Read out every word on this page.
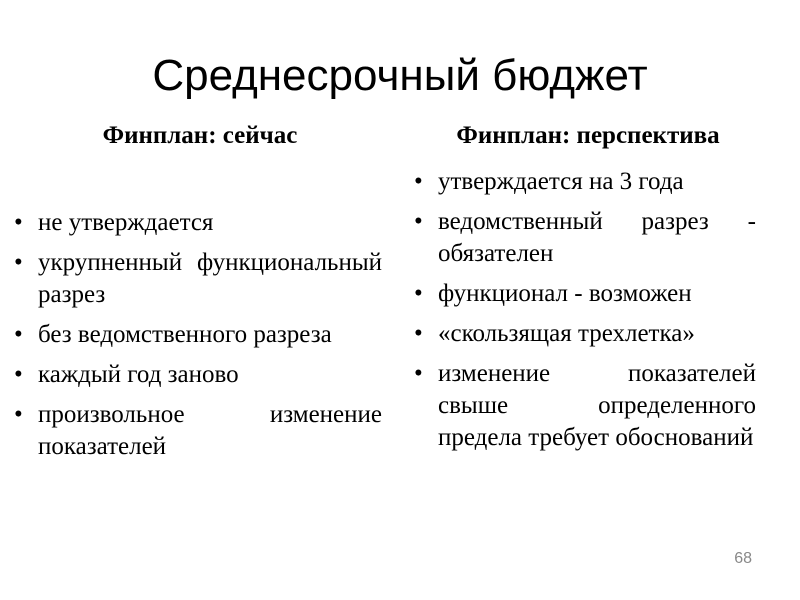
Среднесрочный бюджет
Финплан: сейчас	Финплан: перспектива
• не утверждается
• укрупненный функциональный разрез
• без ведомственного разреза
• каждый год заново
• произвольное изменение показателей
• утверждается на 3 года
• ведомственный разрез - обязателен
• функционал - возможен
• «скользящая трехлетка»
• изменение показателей свыше определенного предела требует обоснований
68
